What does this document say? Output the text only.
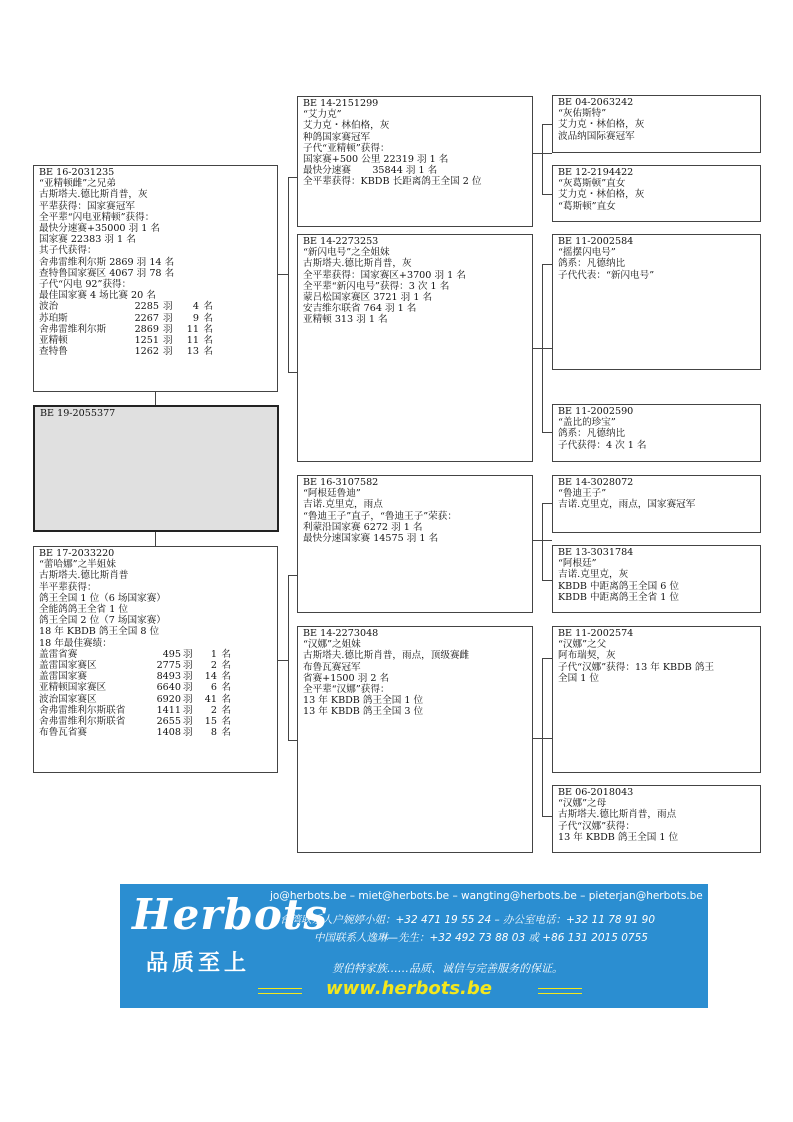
BE 16-2031235
“亚精顿雌”之兄弟
古斯塔夫.德比斯肖普，灰
平辈获得：国家赛冠军
全平辈“闪电亚精顿”获得：
最快分速赛+35000 羽 1 名
国家赛 22383 羽 1 名
其子代获得：
舍弗雷维利尔斯 2869 羽 14 名
查特鲁国家赛区 4067 羽 78 名
子代“闪电 92”获得：
最佳国家赛 4 场比赛 20 名
波治	2285 羽	4 名
苏珀斯	2267 羽	9 名
舍弗雷维利尔斯	2869 羽	11 名
亚精顿	1251 羽	11 名
查特鲁	1262 羽	13 名
BE 19-2055377
BE 17-2033220
“蕾哈娜”之半姐妹
古斯塔夫.德比斯肖普
半平辈获得：
鸽王全国 1 位（6 场国家赛）
全能鸽鸽王全省 1 位
鸽王全国 2 位（7 场国家赛）
18 年 KBDB 鸽王全国 8 位
18 年最佳赛绩：
盖雷省赛	495 羽	1 名
盖雷国家赛区	2775 羽	2 名
盖雷国家赛	8493 羽	14 名
亚精顿国家赛区	6640 羽	6 名
波治国家赛区	6920 羽	41 名
舍弗雷维利尔斯联省	1411 羽	2 名
舍弗雷维利尔斯联省	2655 羽	15 名
布鲁瓦省赛	1408 羽	8 名
BE 14-2151299
“艾力克”
艾力克・林伯格，灰
种鸽国家赛冠军
子代“亚精顿”获得：
国家赛+500 公里 22319 羽 1 名
最快分速赛       35844 羽 1 名
全平辈获得：KBDB 长距离鸽王全国 2 位
BE 14-2273253
“新闪电号”之全姐妹
古斯塔夫.德比斯肖普，灰
全平辈获得：国家赛区+3700 羽 1 名
全平辈“新闪电号”获得：3 次 1 名
蒙吕松国家赛区 3721 羽 1 名
安吉维尔联省 764 羽 1 名
亚精顿 313 羽 1 名
BE 16-3107582
“阿根廷鲁迪”
吉诺.克里克，雨点
“鲁迪王子”直子，“鲁迪王子”荣获：
利蒙沿国家赛 6272 羽 1 名
最快分速国家赛 14575 羽 1 名
BE 14-2273048
“汉娜”之姐妹
古斯塔夫.德比斯肖普，雨点，顶级赛雌
布鲁瓦赛冠军
省赛+1500 羽 2 名
全平辈“汉娜”获得：
13 年 KBDB 鸽王全国 1 位
13 年 KBDB 鸽王全国 3 位
BE 04-2063242
“灰佑斯特”
艾力克・林伯格，灰
波品纳国际赛冠军
BE 12-2194422
“灰葛斯顿”直女
艾力克・林伯格，灰
“葛斯顿”直女
BE 11-2002584
“摇摆闪电号”
鸽系：凡德纳比
子代代表：“新闪电号”
BE 11-2002590
“盖比的珍宝”
鸽系：凡德纳比
子代获得：4 次 1 名
BE 14-3028072
“鲁迪王子”
吉诺.克里克，雨点，国家赛冠军
BE 13-3031784
“阿根廷”
吉诺.克里克，灰
KBDB 中距离鸽王全国 6 位
KBDB 中距离鸽王全省 1 位
BE 11-2002574
“汉娜”之父
阿布瑞契，灰
子代“汉娜”获得：13 年 KBDB 鸽王
全国 1 位
BE 06-2018043
“汉娜”之母
古斯塔夫.德比斯肖普，雨点
子代“汉娜”获得：
13 年 KBDB 鸽王全国 1 位
Herbots
品质至上
jo@herbots.be – miet@herbots.be – wangting@herbots.be – pieterjan@herbots.be
台湾联系人户婉婷小姐：+32 471 19 55 24 – 办公室电话：+32 11 78 91 90
中国联系人逸琳—先生：+32 492 73 88 03 或 +86 131 2015 0755
贺伯特家族……品质、诚信与完善服务的保证。
www.herbots.be
